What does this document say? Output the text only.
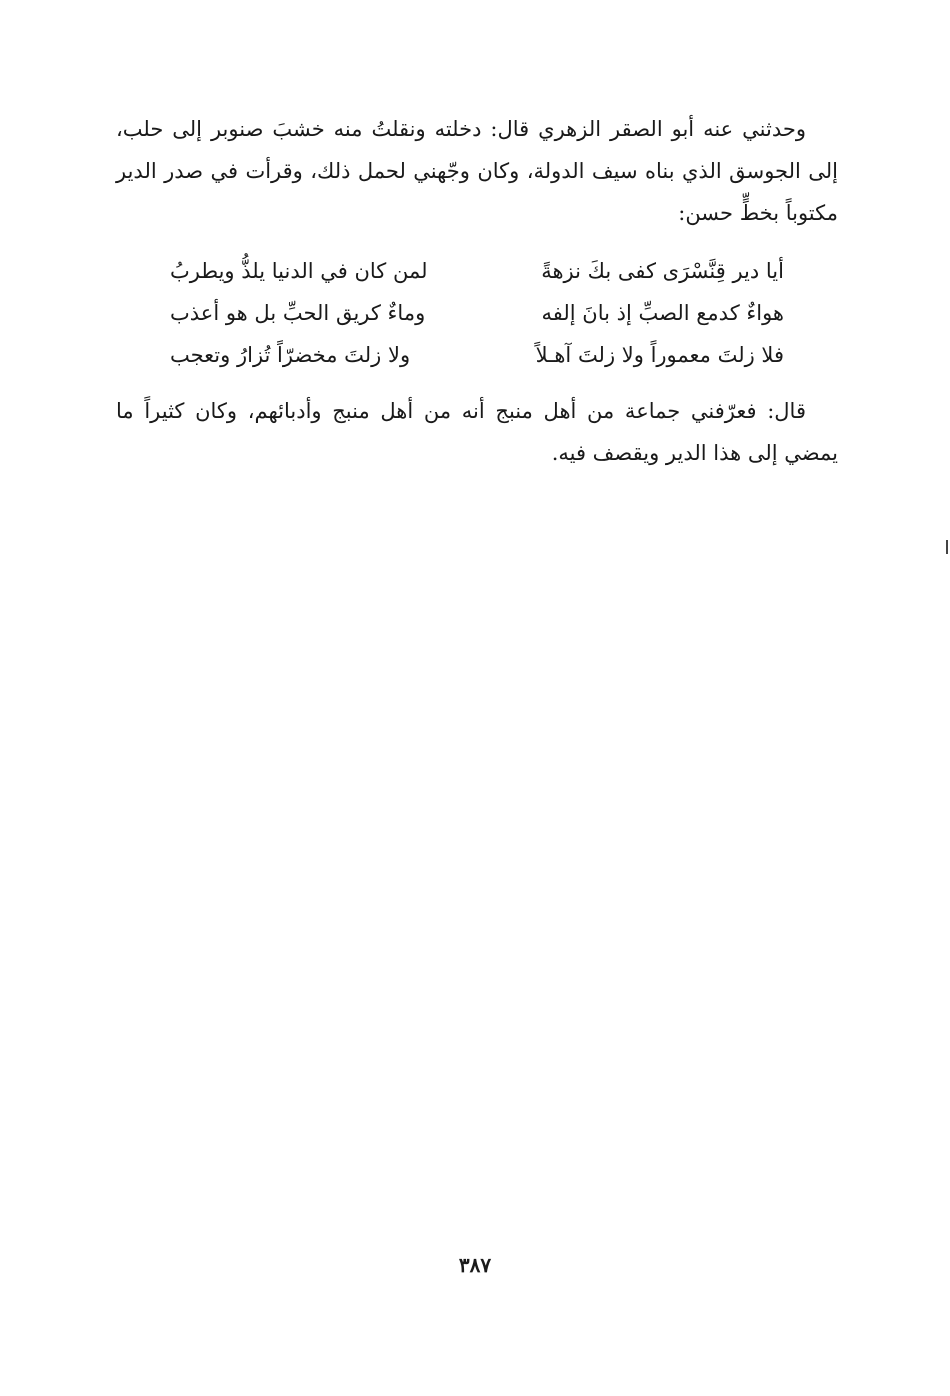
وحدثني عنه أبو الصقر الزهري قال: دخلته ونقلتُ منه خشبَ صنوبر إلى حلب، إلى الجوسق الذي بناه سيف الدولة، وكان وجّهني لحمل ذلك، وقرأت في صدر الدير مكتوباً بخطٍّ حسن:

أيا دير قِنَّسْرَى كفى بكَ نزهةً
لمن كان في الدنيا يلذُّ ويطربُ
هواءٌ كدمع الصبِّ إذ بانَ إلفه
وماءٌ كريق الحبِّ بل هو أعذب
فلا زلتَ معموراً ولا زلتَ آهـلاً
ولا زلتَ مخضرّاً تُزارُ وتعجب

قال: فعرّفني جماعة من أهل منبج أنه من أهل منبج وأدبائهم، وكان كثيراً ما يمضي إلى هذا الدير ويقصف فيه.

٣٨٧
